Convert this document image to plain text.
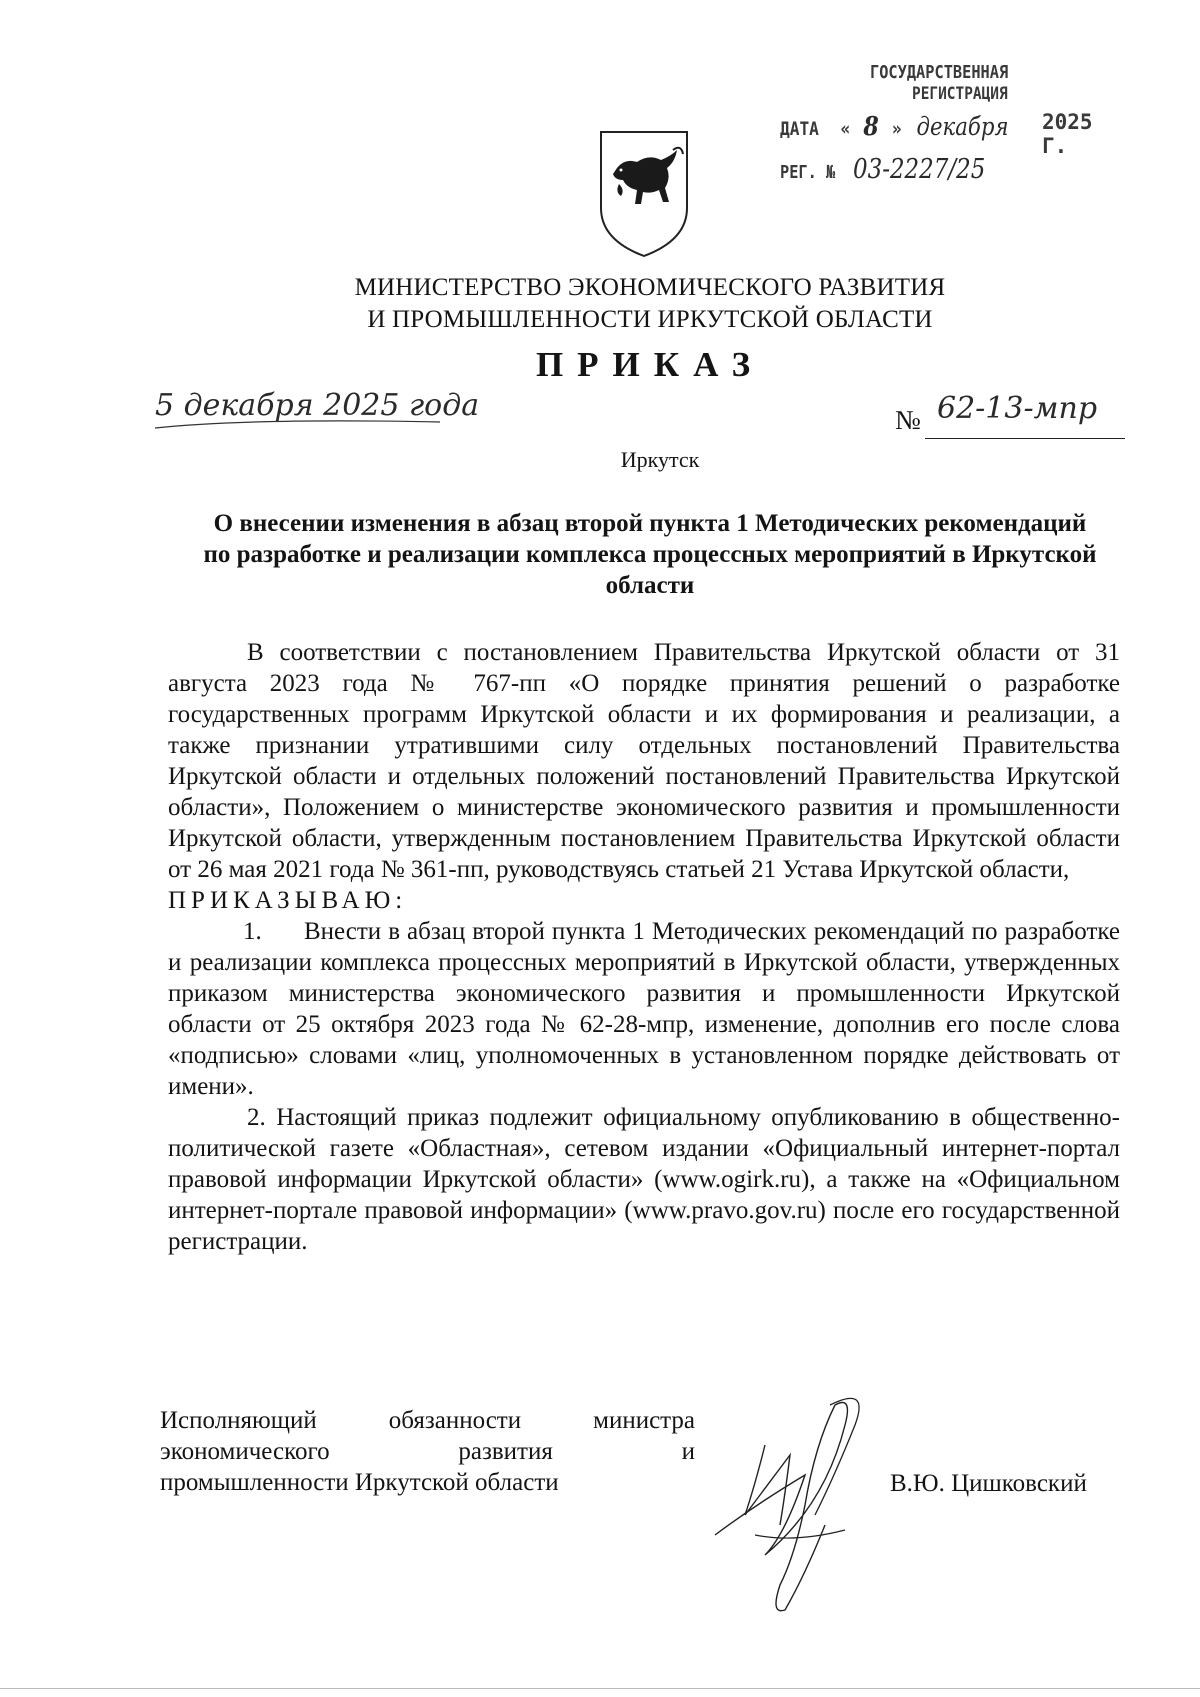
ГОСУДАРСТВЕННАЯ
РЕГИСТРАЦИЯ
ДАТА « 8 » декабря 2025 Г.
РЕГ. № 03-2227/25
МИНИСТЕРСТВО ЭКОНОМИЧЕСКОГО РАЗВИТИЯ
И ПРОМЫШЛЕННОСТИ ИРКУТСКОЙ ОБЛАСТИ
ПРИКАЗ
5 декабря 2025 года	№ 62-13-мпр
Иркутск
О внесении изменения в абзац второй пункта 1 Методических рекомендаций по разработке и реализации комплекса процессных мероприятий в Иркутской области

В соответствии с постановлением Правительства Иркутской области от 31 августа 2023 года № 767-пп «О порядке принятия решений о разработке государственных программ Иркутской области и их формирования и реализации, а также признании утратившими силу отдельных постановлений Правительства Иркутской области и отдельных положений постановлений Правительства Иркутской области», Положением о министерстве экономического развития и промышленности Иркутской области, утвержденным постановлением Правительства Иркутской области от 26 мая 2021 года № 361-пп, руководствуясь статьей 21 Устава Иркутской области,

ПРИКАЗЫВАЮ:

1. Внести в абзац второй пункта 1 Методических рекомендаций по разработке и реализации комплекса процессных мероприятий в Иркутской области, утвержденных приказом министерства экономического развития и промышленности Иркутской области от 25 октября 2023 года № 62-28-мпр, изменение, дополнив его после слова «подписью» словами «лиц, уполномоченных в установленном порядке действовать от имени».

2. Настоящий приказ подлежит официальному опубликованию в общественно-политической газете «Областная», сетевом издании «Официальный интернет-портал правовой информации Иркутской области» (www.ogirk.ru), а также на «Официальном интернет-портале правовой информации» (www.pravo.gov.ru) после его государственной регистрации.

Исполняющий обязанности министра
экономического развития и
промышленности Иркутской области	В.Ю. Цишковский
